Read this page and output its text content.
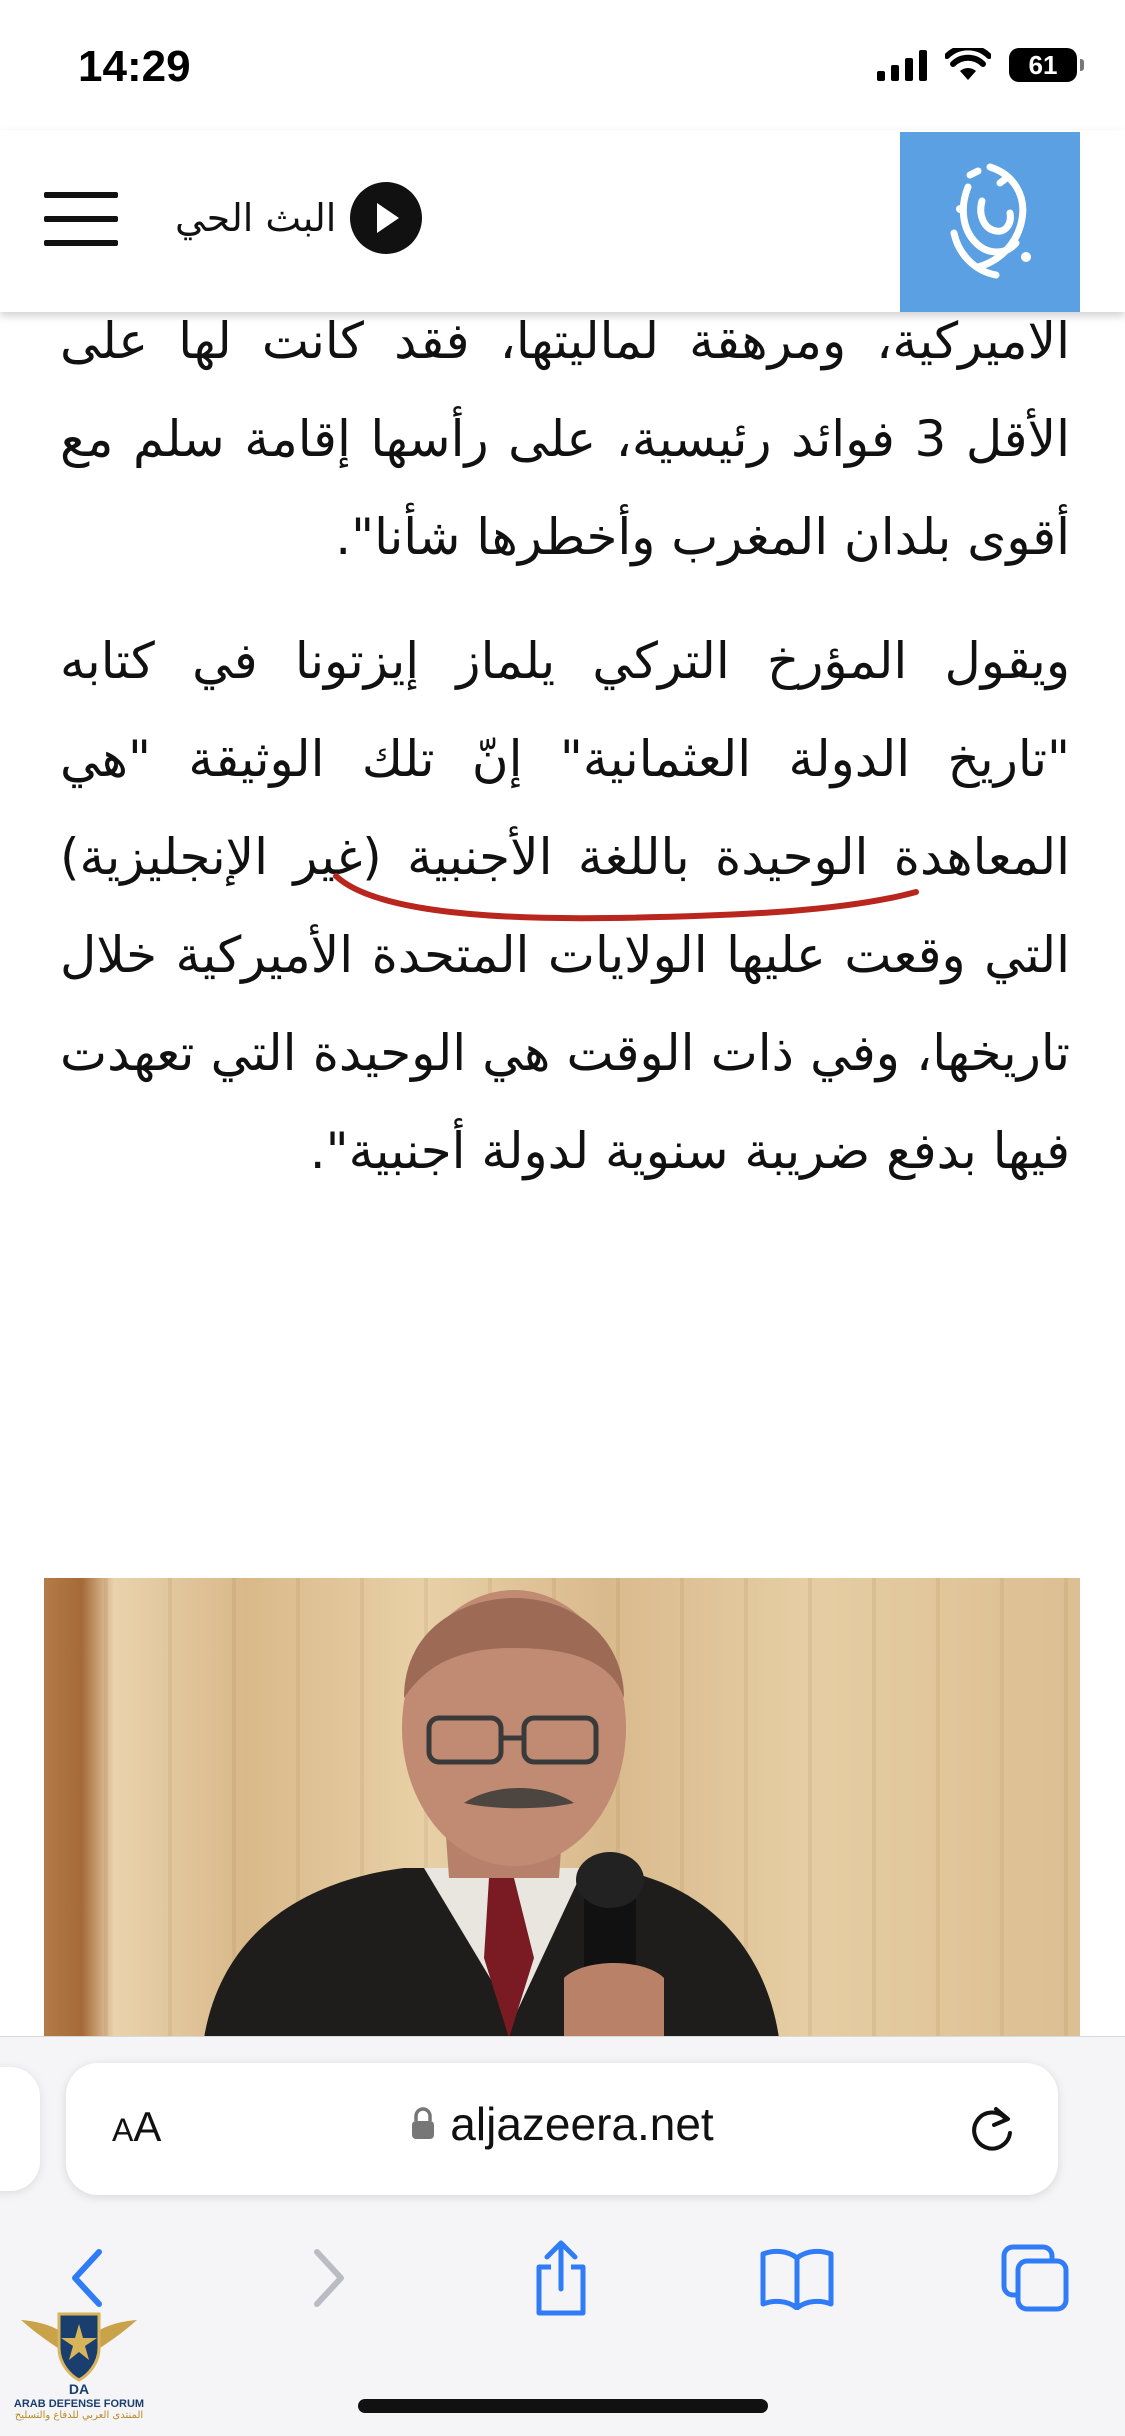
14:29	61
البث الحي

الاميركية، ومرهقة لماليتها، فقد كانت لها على الأقل 3 فوائد رئيسية، على رأسها إقامة سلم مع أقوى بلدان المغرب وأخطرها شأنا".

ويقول المؤرخ التركي يلماز إيزتونا في كتابه "تاريخ الدولة العثمانية" إنّ تلك الوثيقة "هي المعاهدة الوحيدة باللغة الأجنبية (غير الإنجليزية) التي وقعت عليها الولايات المتحدة الأميركية خلال تاريخها، وفي ذات الوقت هي الوحيدة التي تعهدت فيها بدفع ضريبة سنوية لدولة أجنبية".

AA	aljazeera.net
DA
ARAB DEFENSE FORUM
المنتدى العربي للدفاع والتسليح
